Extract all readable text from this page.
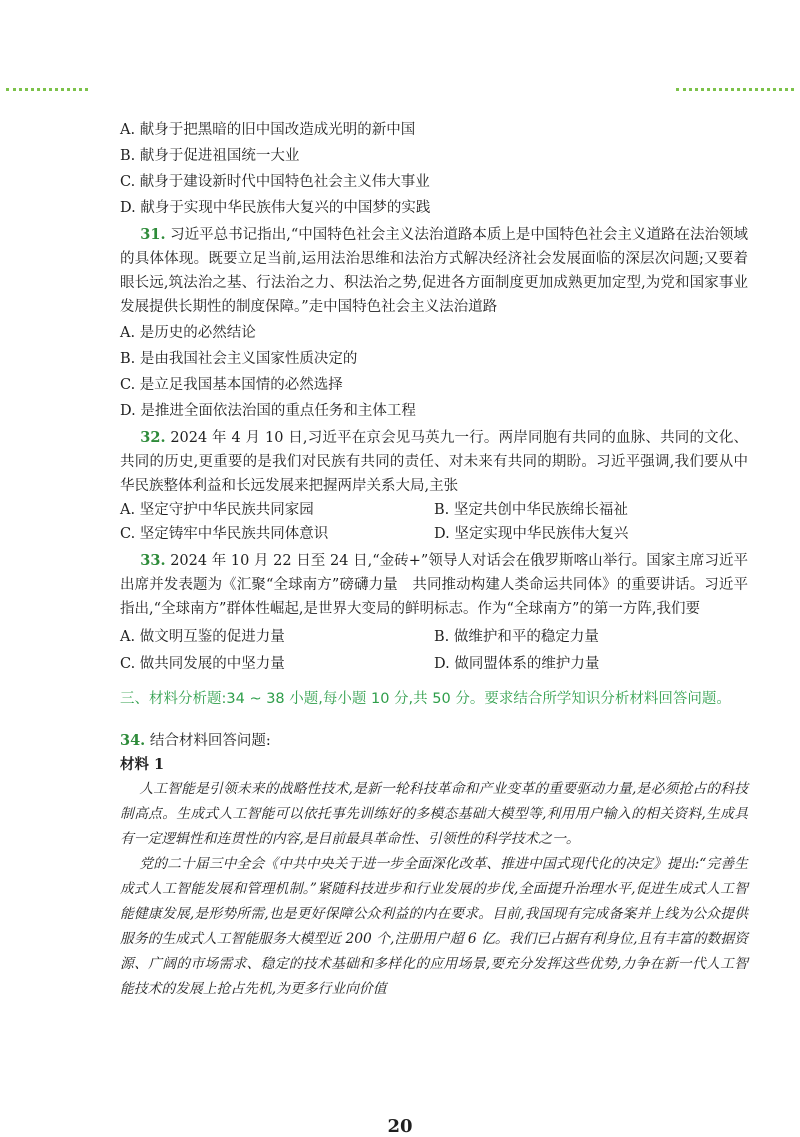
A. 献身于把黑暗的旧中国改造成光明的新中国
B. 献身于促进祖国统一大业
C. 献身于建设新时代中国特色社会主义伟大事业
D. 献身于实现中华民族伟大复兴的中国梦的实践
31. 习近平总书记指出,“中国特色社会主义法治道路本质上是中国特色社会主义道路在法治领域的具体体现。既要立足当前,运用法治思维和法治方式解决经济社会发展面临的深层次问题;又要着眼长远,筑法治之基、行法治之力、积法治之势,促进各方面制度更加成熟更加定型,为党和国家事业发展提供长期性的制度保障。”走中国特色社会主义法治道路
A. 是历史的必然结论
B. 是由我国社会主义国家性质决定的
C. 是立足我国基本国情的必然选择
D. 是推进全面依法治国的重点任务和主体工程
32. 2024 年 4 月 10 日,习近平在京会见马英九一行。两岸同胞有共同的血脉、共同的文化、共同的历史,更重要的是我们对民族有共同的责任、对未来有共同的期盼。习近平强调,我们要从中华民族整体利益和长远发展来把握两岸关系大局,主张
A. 坚定守护中华民族共同家园	B. 坚定共创中华民族绵长福祉
C. 坚定铸牢中华民族共同体意识	D. 坚定实现中华民族伟大复兴
33. 2024 年 10 月 22 日至 24 日,“金砖+”领导人对话会在俄罗斯喀山举行。国家主席习近平出席并发表题为《汇聚“全球南方”磅礴力量　共同推动构建人类命运共同体》的重要讲话。习近平指出,“全球南方”群体性崛起,是世界大变局的鲜明标志。作为“全球南方”的第一方阵,我们要
A. 做文明互鉴的促进力量	B. 做维护和平的稳定力量
C. 做共同发展的中坚力量	D. 做同盟体系的维护力量
三、材料分析题:34 ~ 38 小题,每小题 10 分,共 50 分。要求结合所学知识分析材料回答问题。
34. 结合材料回答问题:
材料 1
人工智能是引领未来的战略性技术,是新一轮科技革命和产业变革的重要驱动力量,是必须抢占的科技制高点。生成式人工智能可以依托事先训练好的多模态基础大模型等,利用用户输入的相关资料,生成具有一定逻辑性和连贯性的内容,是目前最具革命性、引领性的科学技术之一。
党的二十届三中全会《中共中央关于进一步全面深化改革、推进中国式现代化的决定》提出:“完善生成式人工智能发展和管理机制。”紧随科技进步和行业发展的步伐,全面提升治理水平,促进生成式人工智能健康发展,是形势所需,也是更好保障公众利益的内在要求。目前,我国现有完成备案并上线为公众提供服务的生成式人工智能服务大模型近 200 个,注册用户超 6 亿。我们已占据有利身位,且有丰富的数据资源、广阔的市场需求、稳定的技术基础和多样化的应用场景,要充分发挥这些优势,力争在新一代人工智能技术的发展上抢占先机,为更多行业向价值
20
